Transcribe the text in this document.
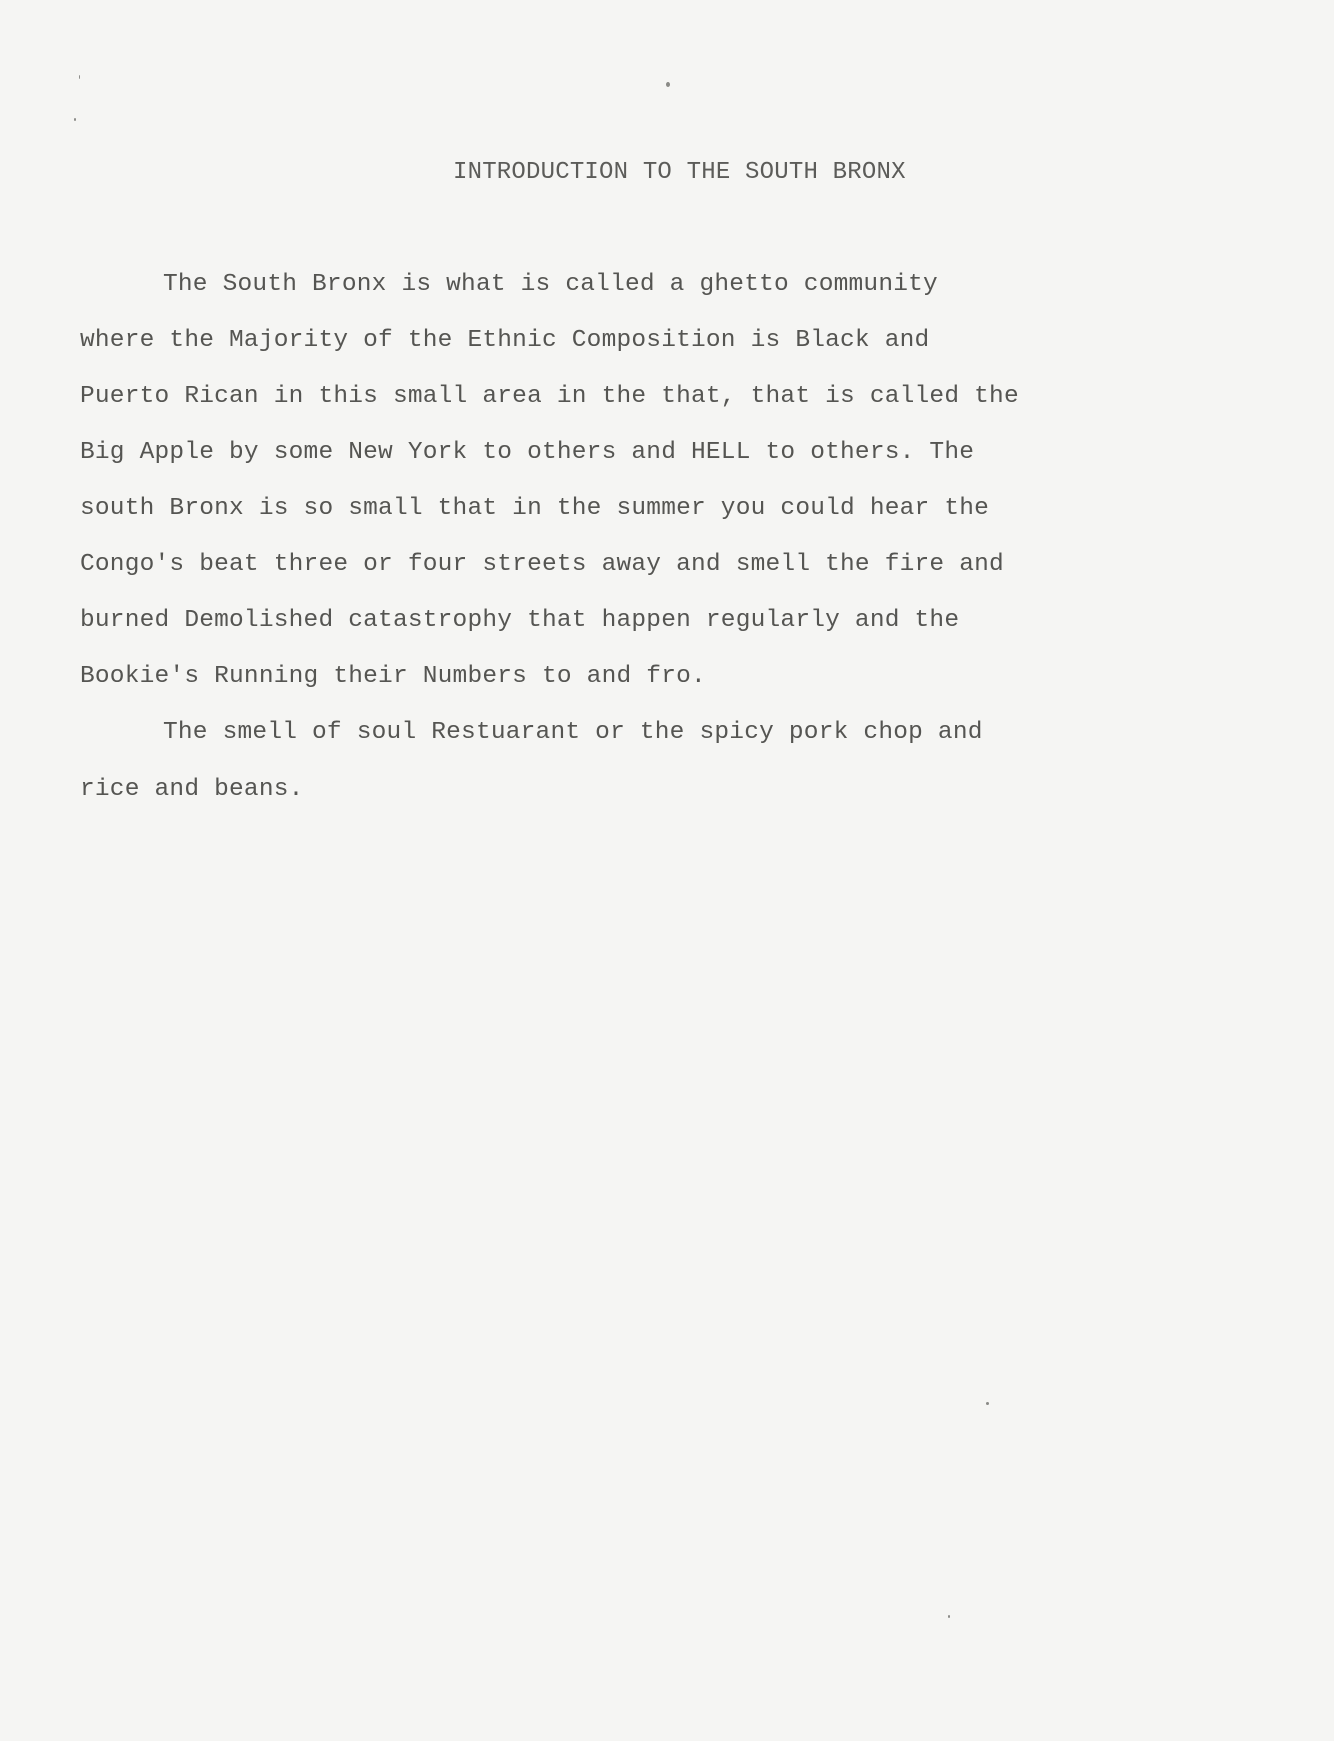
INTRODUCTION TO THE SOUTH BRONX
The South Bronx is what is called a ghetto community
where the Majority of the Ethnic Composition is Black and
Puerto Rican in this small area in the that, that is called the
Big Apple by some New York to others and HELL to others. The
south Bronx is so small that in the summer you could hear the
Congo's beat three or four streets away and smell the fire and
burned Demolished catastrophy that happen regularly and the
Bookie's Running their Numbers to and fro.
The smell of soul Restuarant or the spicy pork chop and
rice and beans.
